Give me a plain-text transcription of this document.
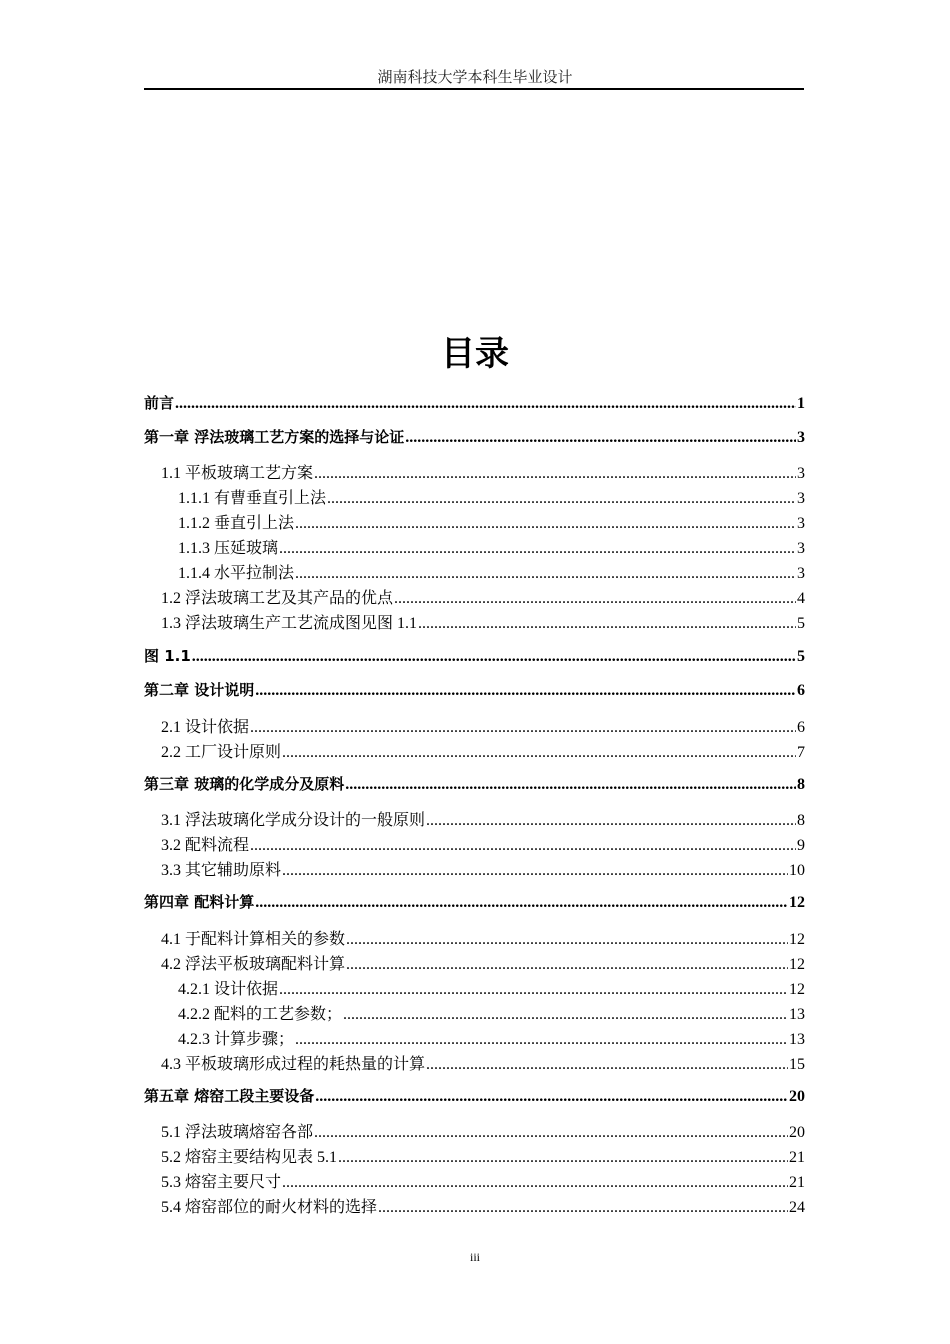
湖南科技大学本科生毕业设计
目录
前言 .....	1
第一章 浮法玻璃工艺方案的选择与论证 .....	3
1.1 平板玻璃工艺方案 .....	3
1.1.1 有曹垂直引上法 .....	3
1.1.2 垂直引上法 .....	3
1.1.3 压延玻璃 .....	3
1.1.4 水平拉制法 .....	3
1.2 浮法玻璃工艺及其产品的优点 .....	4
1.3 浮法玻璃生产工艺流成图见图 1.1 .....	5
图 1.1 .....	5
第二章 设计说明 .....	6
2.1 设计依据 .....	6
2.2 工厂设计原则 .....	7
第三章 玻璃的化学成分及原料 .....	8
3.1 浮法玻璃化学成分设计的一般原则 .....	8
3.2 配料流程 .....	9
3.3 其它辅助原料 .....	10
第四章 配料计算 .....	12
4.1 于配料计算相关的参数 .....	12
4.2 浮法平板玻璃配料计算 .....	12
4.2.1 设计依据 .....	12
4.2.2 配料的工艺参数； .....	13
4.2.3 计算步骤； .....	13
4.3 平板玻璃形成过程的耗热量的计算 .....	15
第五章 熔窑工段主要设备 .....	20
5.1 浮法玻璃熔窑各部 .....	20
5.2 熔窑主要结构见表 5.1 .....	21
5.3 熔窑主要尺寸 .....	21
5.4 熔窑部位的耐火材料的选择 .....	24
iii
